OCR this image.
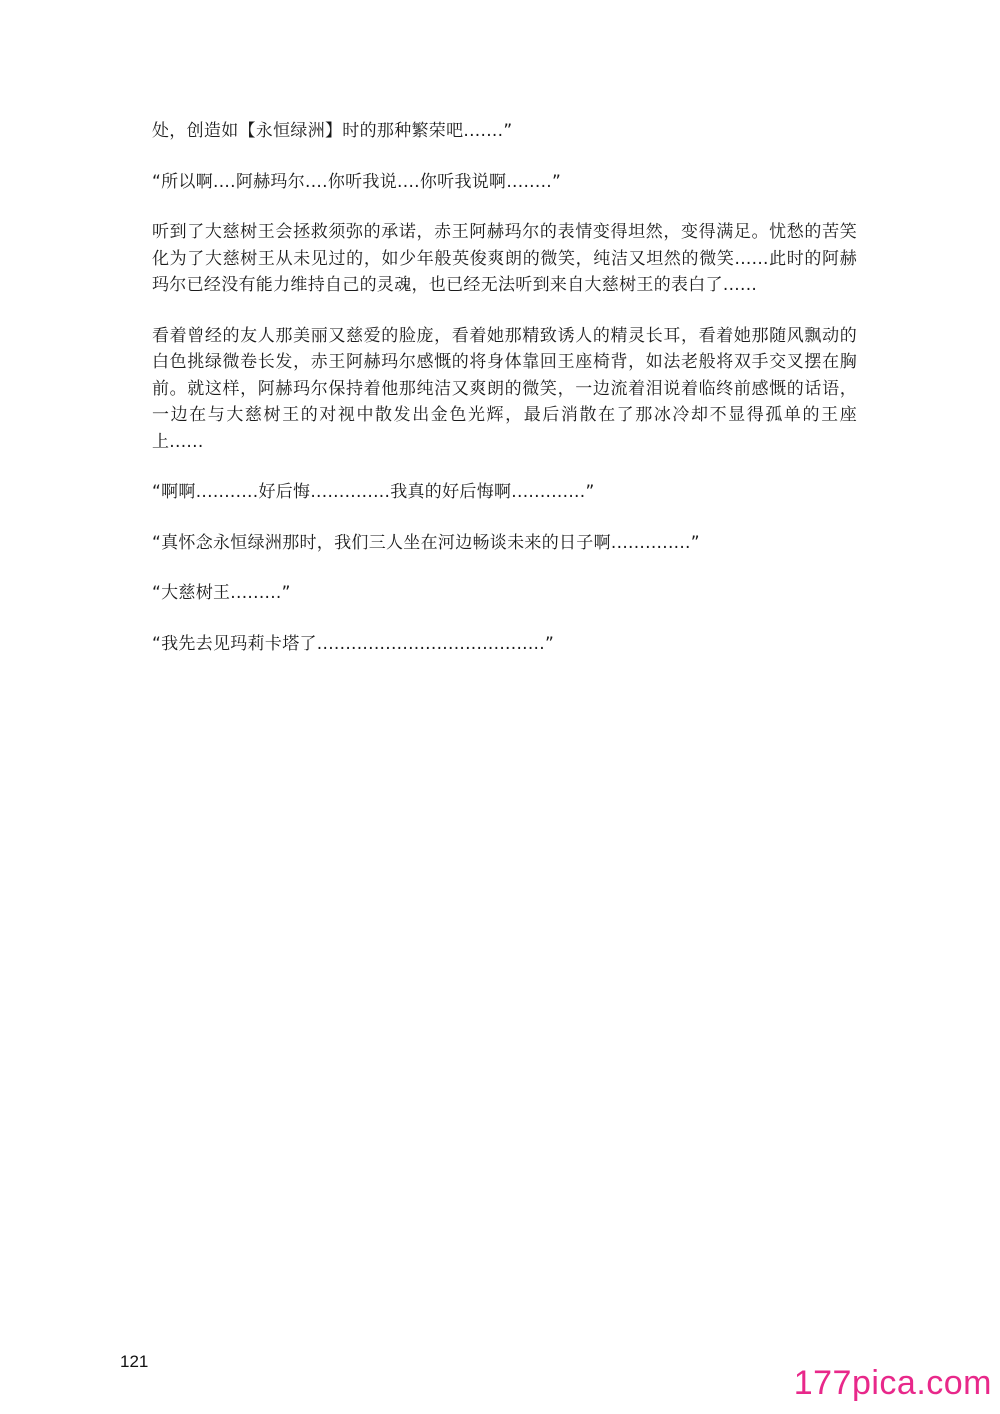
处，创造如【永恒绿洲】时的那种繁荣吧.......”

“所以啊....阿赫玛尔....你听我说....你听我说啊........”

听到了大慈树王会拯救须弥的承诺，赤王阿赫玛尔的表情变得坦然，变得满足。忧愁的苦笑化为了大慈树王从未见过的，如少年般英俊爽朗的微笑，纯洁又坦然的微笑......此时的阿赫玛尔已经没有能力维持自己的灵魂，也已经无法听到来自大慈树王的表白了......

看着曾经的友人那美丽又慈爱的脸庞，看着她那精致诱人的精灵长耳，看着她那随风飘动的白色挑绿微卷长发，赤王阿赫玛尔感慨的将身体靠回王座椅背，如法老般将双手交叉摆在胸前。就这样，阿赫玛尔保持着他那纯洁又爽朗的微笑，一边流着泪说着临终前感慨的话语，一边在与大慈树王的对视中散发出金色光辉，最后消散在了那冰冷却不显得孤单的王座上......

“啊啊...........好后悔..............我真的好后悔啊.............”

“真怀念永恒绿洲那时，我们三人坐在河边畅谈未来的日子啊..............”

“大慈树王.........”

“我先去见玛莉卡塔了........................................”

121
177pica.com
